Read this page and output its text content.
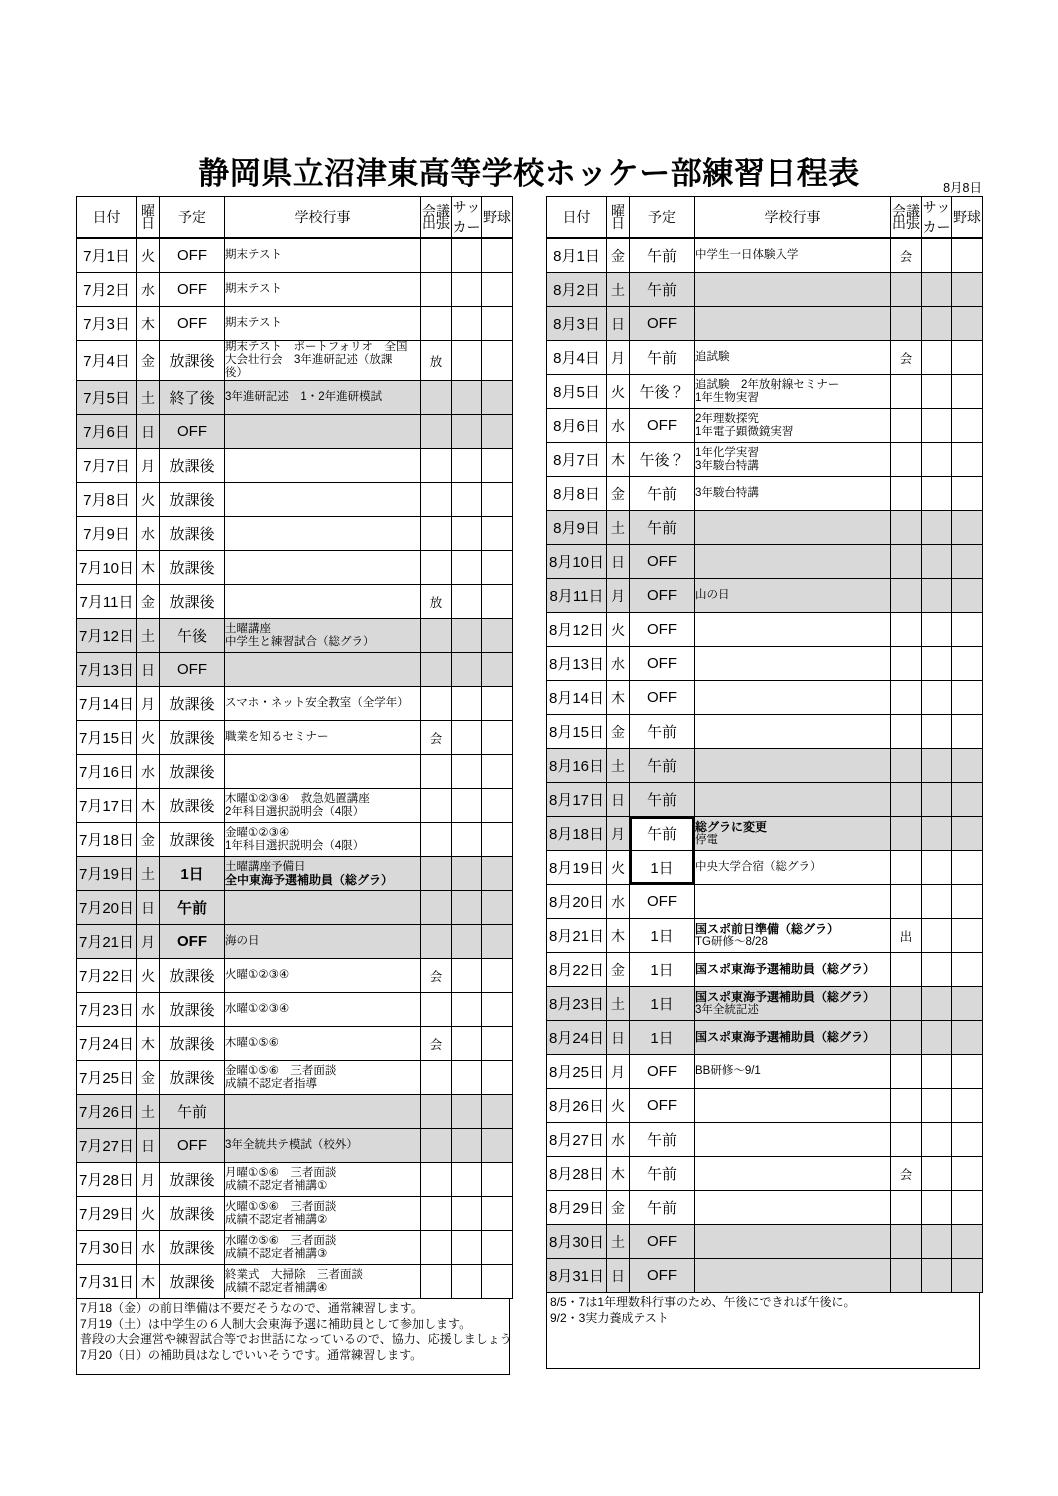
静岡県立沼津東高等学校ホッケー部練習日程表	8月8日
日付	曜日	予定	学校行事	会議出張	サッカー	野球
7月1日	火	OFF	期末テスト			

7月2日	水	OFF	期末テスト			

7月3日	木	OFF	期末テスト			

7月4日	金	放課後	期末テスト　ポートフォリオ　全国
大会壮行会　3年進研記述（放課
後）	放		
7月5日	土	終了後	3年進研記述　1・2年進研模試			

7月6日	日	OFF	

7月7日	月	放課後	

7月8日	火	放課後	

7月9日	水	放課後	

7月10日	木	放課後	

7月11日	金	放課後		放		
7月12日	土	午後	土曜講座
中学生と練習試合（総グラ）			

7月13日	日	OFF	

7月14日	月	放課後	スマホ・ネット安全教室（全学年）			

7月15日	火	放課後	職業を知るセミナー	会		
7月16日	水	放課後	

7月17日	木	放課後	木曜①②③④　救急処置講座
2年科目選択説明会（4限）			

7月18日	金	放課後	金曜①②③④
1年科目選択説明会（4限）			

7月19日	土	1日	土曜講座予備日
全中東海予選補助員（総グラ）			

7月20日	日	午前	

7月21日	月	OFF	海の日			

7月22日	火	放課後	火曜①②③④	会		
7月23日	水	放課後	水曜①②③④			

7月24日	木	放課後	木曜①⑤⑥	会		
7月25日	金	放課後	金曜①⑤⑥　三者面談
成績不認定者指導			

7月26日	土	午前	

7月27日	日	OFF	3年全統共テ模試（校外）			

7月28日	月	放課後	月曜①⑤⑥　三者面談
成績不認定者補講①			

7月29日	火	放課後	火曜①⑤⑥　三者面談
成績不認定者補講②			

7月30日	水	放課後	水曜⑦⑤⑥　三者面談
成績不認定者補講③			

7月31日	木	放課後	終業式　大掃除　三者面談
成績不認定者補講④			

7月18（金）の前日準備は不要だそうなので、通常練習します。
7月19（土）は中学生の６人制大会東海予選に補助員として参加します。
普段の大会運営や練習試合等でお世話になっているので、協力、応援しましょう
7月20（日）の補助員はなしでいいそうです。通常練習します。
日付	曜日	予定	学校行事	会議出張	サッカー	野球
8月1日	金	午前	中学生一日体験入学	会		
8月2日	土	午前	

8月3日	日	OFF	

8月4日	月	午前	追試験	会		
8月5日	火	午後？	追試験　2年放射線セミナー
1年生物実習			

8月6日	水	OFF	2年理数探究
1年電子顕微鏡実習			

8月7日	木	午後？	1年化学実習
3年駿台特講			

8月8日	金	午前	3年駿台特講			

8月9日	土	午前	

8月10日	日	OFF	

8月11日	月	OFF	山の日			

8月12日	火	OFF	

8月13日	水	OFF	

8月14日	木	OFF	

8月15日	金	午前	

8月16日	土	午前	

8月17日	日	午前	

8月18日	月	午前	総グラに変更
停電			

8月19日	火	1日	中央大学合宿（総グラ）			

8月20日	水	OFF	

8月21日	木	1日	国スポ前日準備（総グラ）
TG研修～8/28	出		
8月22日	金	1日	国スポ東海予選補助員（総グラ）			

8月23日	土	1日	国スポ東海予選補助員（総グラ）
3年全統記述			

8月24日	日	1日	国スポ東海予選補助員（総グラ）			

8月25日	月	OFF	BB研修～9/1			

8月26日	火	OFF	

8月27日	水	午前	

8月28日	木	午前		会		
8月29日	金	午前	

8月30日	土	OFF	

8月31日	日	OFF	

8/5・7は1年理数科行事のため、午後にできれば午後に。
9/2・3実力養成テスト
